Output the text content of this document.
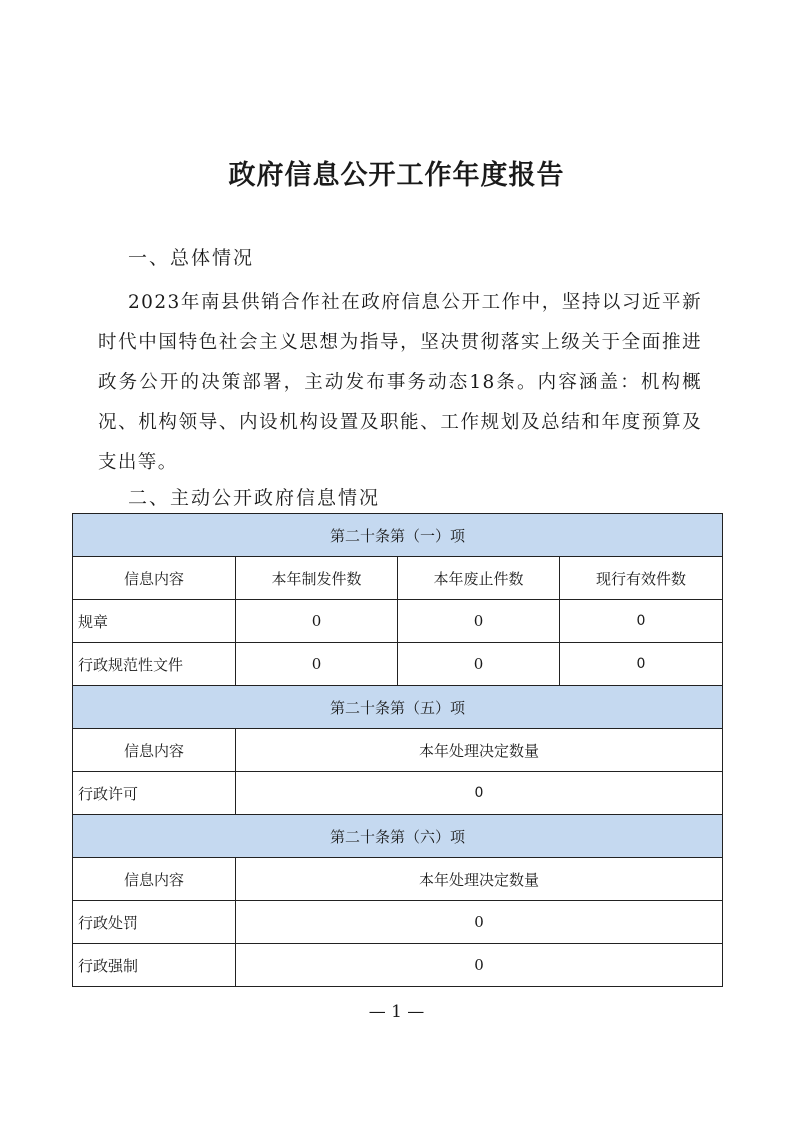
政府信息公开工作年度报告
一、总体情况

2023年南县供销合作社在政府信息公开工作中，坚持以习近平新时代中国特色社会主义思想为指导，坚决贯彻落实上级关于全面推进政务公开的决策部署，主动发布事务动态18条。内容涵盖：机构概况、机构领导、内设机构设置及职能、工作规划及总结和年度预算及支出等。

二、主动公开政府信息情况
第二十条第（一）项			
信息内容	本年制发件数	本年废止件数	现行有效件数
规章	0	0	0
行政规范性文件	0	0	0
第二十条第（五）项			
信息内容	本年处理决定数量		
行政许可	0		
第二十条第（六）项			
信息内容	本年处理决定数量		
行政处罚	0		
行政强制	0		
— 1 —
